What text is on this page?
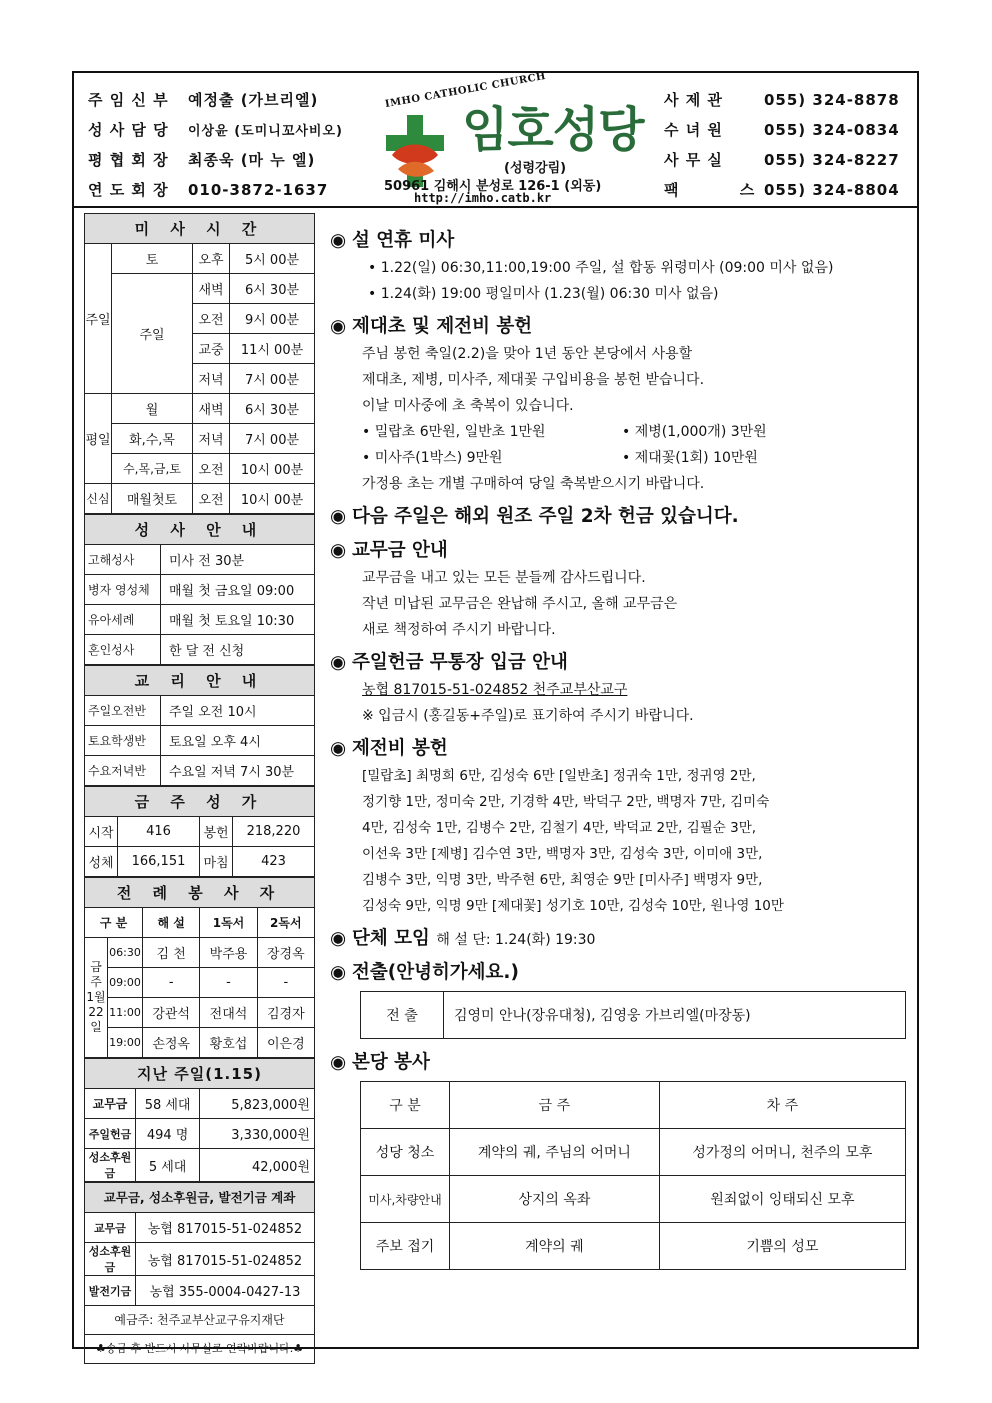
주 임 신 부 예정출 (가브리엘)
성 사 담 당 이상윤 (도미니꼬사비오)
평 협 회 장 최종욱 (마 누 엘)
연 도 회 장 010-3872-1637
IMHO CATHOLIC CHURCH
임호성당
(성령강림)
50961 김해시 분성로 126-1 (외동)
http://imho.catb.kr
사 제 관	055) 324-8878
수 녀 원	055) 324-0834
사 무 실	055) 324-8227
팩 스055) 324-8804
미 사 시 간
주일	토	오후	5시 00분
	주일	새벽	6시 30분
		오전	9시 00분
		교중	11시 00분
		저녁	7시 00분
평일	월	새벽	6시 30분
	화,수,목	저녁	7시 00분
	수,목,금,토	오전	10시 00분
신심	매월첫토	오전	10시 00분
성 사 안 내
고해성사	미사 전 30분
병자 영성체	매월 첫 금요일 09:00
유아세례	매월 첫 토요일 10:30
혼인성사	한 달 전 신청
교 리 안 내
주일오전반	주일 오전 10시
토요학생반	토요일 오후 4시
수요저녁반	수요일 저녁 7시 30분
금 주 성 가
시작	416	봉헌	218,220
성체	166,151	마침	423
전 례 봉 사 자
구 분		해 설	1독서	2독서
금주 1월 22일	06:30	김 천	박주용	장경옥
	09:00	-	-	-
	11:00	강관석	전대석	김경자
	19:00	손정옥	황호섭	이은경
지난 주일(1.15)
교무금	58 세대	5,823,000원
주일헌금	494 명	3,330,000원
성소후원금	5 세대	42,000원
교무금, 성소후원금, 발전기금 계좌
교무금	농협 817015-51-024852
성소후원금	농협 817015-51-024852
발전기금	농협 355-0004-0427-13
예금주: 천주교부산교구유지재단
♣송금 후 반드시 사무실로 연락바랍니다.♣
◉ 설 연휴 미사
• 1.22(일) 06:30,11:00,19:00 주일, 설 합동 위령미사 (09:00 미사 없음)
• 1.24(화) 19:00 평일미사 (1.23(월) 06:30 미사 없음)
◉ 제대초 및 제전비 봉헌
주님 봉헌 축일(2.2)을 맞아 1년 동안 본당에서 사용할
제대초, 제병, 미사주, 제대꽃 구입비용을 봉헌 받습니다.
이날 미사중에 초 축복이 있습니다.
• 밀랍초 6만원, 일반초 1만원	• 제병(1,000개) 3만원
• 미사주(1박스) 9만원	• 제대꽃(1회) 10만원
가정용 초는 개별 구매하여 당일 축복받으시기 바랍니다.
◉ 다음 주일은 해외 원조 주일 2차 헌금 있습니다.
◉ 교무금 안내
교무금을 내고 있는 모든 분들께 감사드립니다.
작년 미납된 교무금은 완납해 주시고, 올해 교무금은
새로 책정하여 주시기 바랍니다.
◉ 주일헌금 무통장 입금 안내
농협 817015-51-024852 천주교부산교구
※ 입금시 (홍길동+주일)로 표기하여 주시기 바랍니다.
◉ 제전비 봉헌
[밀랍초] 최명희 6만, 김성숙 6만 [일반초] 정귀숙 1만, 정귀영 2만,
정기향 1만, 정미숙 2만, 기경학 4만, 박덕구 2만, 백명자 7만, 김미숙
4만, 김성숙 1만, 김병수 2만, 김철기 4만, 박덕교 2만, 김필순 3만,
이선욱 3만 [제병] 김수연 3만, 백명자 3만, 김성숙 3만, 이미애 3만,
김병수 3만, 익명 3만, 박주현 6만, 최영순 9만 [미사주] 백명자 9만,
김성숙 9만, 익명 9만 [제대꽃] 성기호 10만, 김성숙 10만, 원나영 10만
◉ 단체 모임 해 설 단: 1.24(화) 19:30
◉ 전출(안녕히가세요.)
전 출	김영미 안나(장유대청), 김영웅 가브리엘(마장동)
◉ 본당 봉사
구 분	금 주	차 주
성당 청소	계약의 궤, 주님의 어머니	성가정의 어머니, 천주의 모후
미사,차량안내	상지의 옥좌	원죄없이 잉태되신 모후
주보 접기	계약의 궤	기쁨의 성모
